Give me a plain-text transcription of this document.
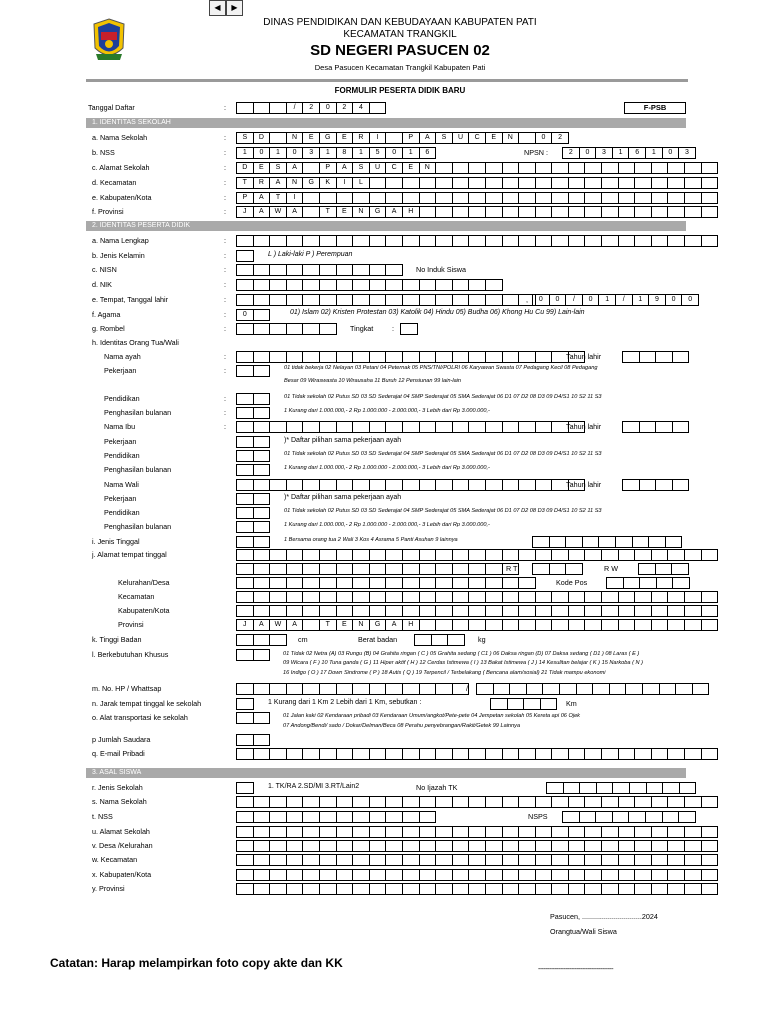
◀	▶
DINAS PENDIDIKAN DAN KEBUDAYAAN KABUPATEN PATI
KECAMATAN TRANGKIL
SD NEGERI PASUCEN 02
Desa Pasucen Kecamatan Trangkil Kabupaten Pati
FORMULIR PESERTA DIDIK BARU
Tanggal Daftar	:	/	2	0	2	4	F-PSB
1. IDENTITAS SEKOLAH
a. Nama Sekolah	:	S	D	N	E	G	E	R	I	P	A	S	U	C	E	N	0	2
b. NSS	:	1	0	1	0	3	1	8	1	5	0	1	6	NPSN :	2	0	3	1	6	1	0	3
c. Alamat Sekolah	:	D	E	S	A	P	A	S	U	C	E	N
d. Kecamatan	:	T	R	A	N	G	K	I	L
e. Kabupaten/Kota	:	P	A	T	I
f. Provinsi	:	J	A	W	A	T	E	N	G	A	H
2. IDENTITAS PESERTA DIDIK
a. Nama Lengkap	:
b. Jenis Kelamin	:	L ) Laki-laki P ) Perempuan
c. NISN	:	No Induk Siswa
d. NIK	:
e. Tempat, Tanggal lahir	:	,	0	0	/	0	1	/	1	9	0	0
f. Agama	:	0	01) Islam 02) Kristen Protestan 03) Katolik 04) Hindu 05) Budha 06) Khong Hu Cu 99) Lain-lain
g. Rombel	:	Tingkat	:
h. Identitas Orang Tua/Wali
Nama ayah	:	Tahun lahir
Pekerjaan	:	01 tidak bekerja 02 Nelayan 03 Petani 04 Peternak 05 PNS/TNI/POLRI 06 Karyawan Swasta 07 Pedagang Kecil 08 Pedagang
Besar 09 Wiraswasta 10 Wirausaha 11 Buruh 12 Pensiunan 99 lain-lain
Pendidikan	:	01 Tidak sekolah 02 Putus SD 03 SD Sederajat 04 SMP Sederajat 05 SMA Sederajat 06 D1 07 D2 08 D3 09 D4/S1 10 S2 11 S3
Penghasilan bulanan	:	1 Kurang dari 1.000.000,- 2 Rp 1.000.000 - 2.000.000,- 3 Lebih dari Rp 3.000.000,-
Nama Ibu	:	Tahun lahir
Pekerjaan	)* Daftar pilihan sama pekerjaan ayah
Pendidikan	01 Tidak sekolah 02 Putus SD 03 SD Sederajat 04 SMP Sederajat 05 SMA Sederajat 06 D1 07 D2 08 D3 09 D4/S1 10 S2 11 S3
Penghasilan bulanan	1 Kurang dari 1.000.000,- 2 Rp 1.000.000 - 2.000.000,- 3 Lebih dari Rp 3.000.000,-
Nama Wali	Tahun lahir
Pekerjaan	)* Daftar pilihan sama pekerjaan ayah
Pendidikan	01 Tidak sekolah 02 Putus SD 03 SD Sederajat 04 SMP Sederajat 05 SMA Sederajat 06 D1 07 D2 08 D3 09 D4/S1 10 S2 11 S3
Penghasilan bulanan	1 Kurang dari 1.000.000,- 2 Rp 1.000.000 - 2.000.000,- 3 Lebih dari Rp 3.000.000,-
i. Jenis Tinggal	1 Bersama orang tua 2 Wali 3 Kos 4 Asrama 5 Panti Asuhan 9 lainnya
j. Alamat tempat tinggal
R T	R W
Kelurahan/Desa	Kode Pos
Kecamatan
Kabupaten/Kota
Provinsi	J	A	W	A	T	E	N	G	A	H
k. Tinggi Badan	cm	Berat badan	kg
l. Berkebutuhan Khusus	01 Tidak 02 Netra (A) 03 Rungu (B) 04 Grahita ringan ( C ) 05 Grahita sedang ( C1 ) 06 Daksa ringan (D) 07 Daksa sedang ( D1 ) 08 Laras ( E )
09 Wicara ( F ) 10 Tuna ganda ( G ) 11 Hiper aktif ( H ) 12 Cerdas Istimewa ( I ) 13 Bakat Istimewa ( J ) 14 Kesulitan belajar ( K ) 15 Narkoba ( N )
16 Indigo ( O ) 17 Down Sindrome ( P ) 18 Autis ( Q ) 19 Terpencil / Terbelakang ( Bencana alam/sosial) 21 Tidak mampu ekonomi
m. No. HP / Whattsap	/
n. Jarak tempat tinggal ke sekolah	1 Kurang dari 1 Km 2 Lebih dari 1 Km, sebutkan :	Km
o. Alat transportasi ke sekolah	01 Jalan kaki 02 Kendaraan pribadi 03 Kendaraan Umum/angkot/Pete-pete 04 Jempetan sekolah 05 Kereta api 06 Ojek
07 Andong/Bendi/ sado / Dokar/Delman/Beca 08 Perahu penyebrangan/Rakit/Getek 99 Lainnya
p Jumlah Saudara
q. E-mail Pribadi
3. ASAL SISWA
r. Jenis Sekolah	1. TK/RA 2.SD/MI 3.RT/Lain2	No Ijazah TK
s. Nama Sekolah
t. NSS	NSPS
u. Alamat Sekolah
v. Desa /Kelurahan
w. Kecamatan
x. Kabupaten/Kota
y. Provinsi
Pasucen, ..............................2024
Orangtua/Wali Siswa
-----------------------------------------
Catatan: Harap melampirkan foto copy akte dan KK
